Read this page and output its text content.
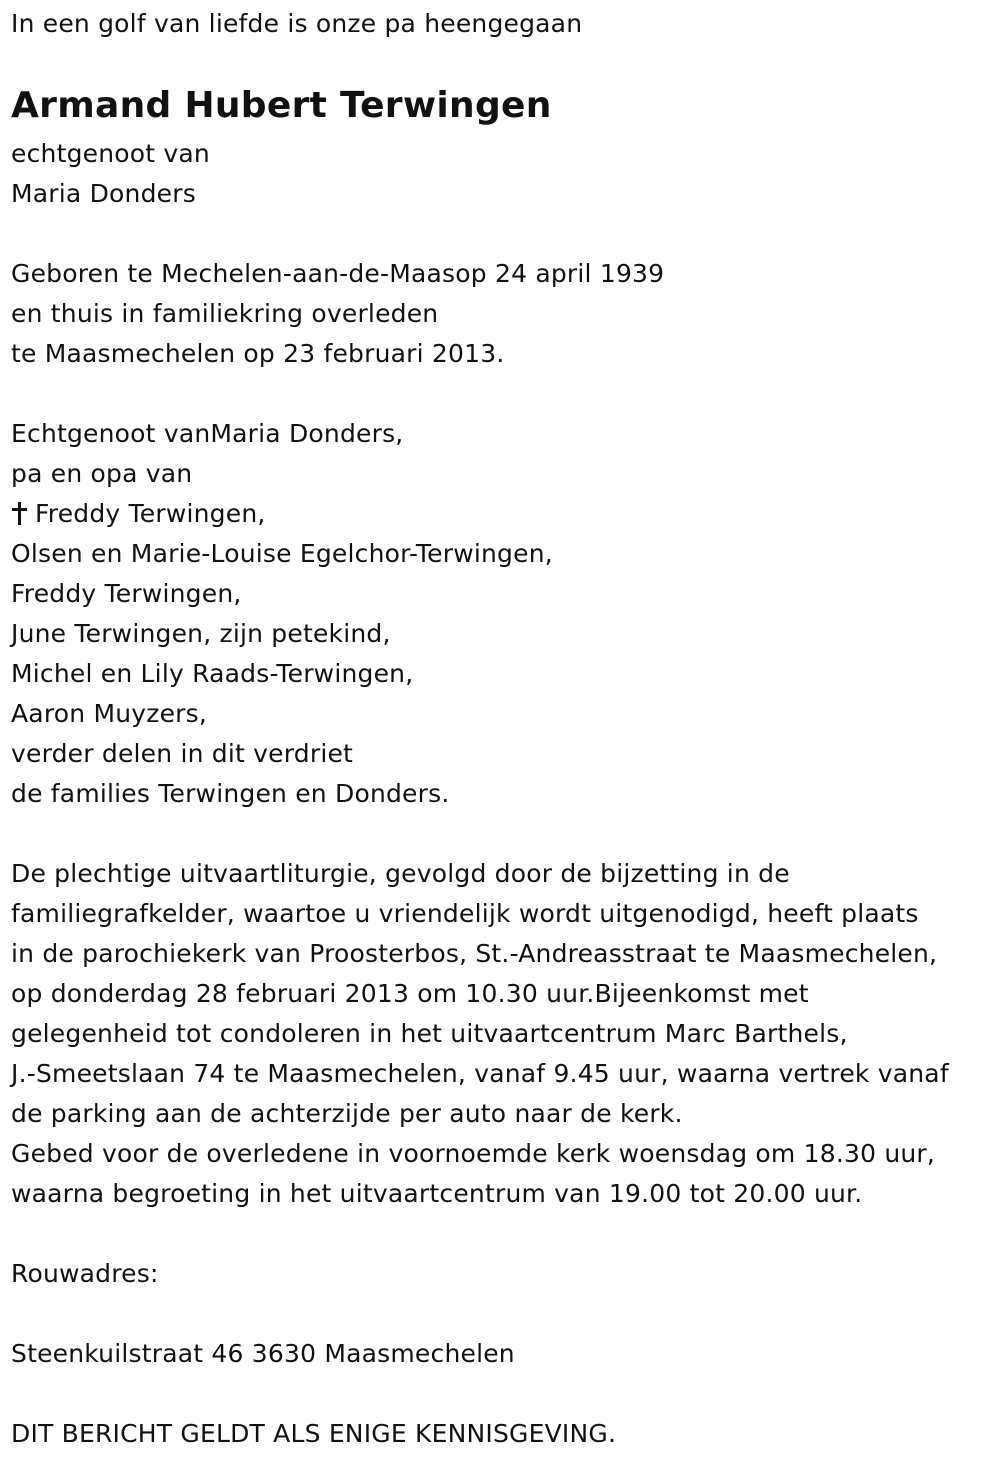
In een golf van liefde is onze pa heengegaan
Armand Hubert Terwingen
echtgenoot van
Maria Donders
Geboren te Mechelen-aan-de-Maasop 24 april 1939
en thuis in familiekring overleden
te Maasmechelen op 23 februari 2013.
Echtgenoot vanMaria Donders,
pa en opa van
Freddy Terwingen,
Olsen en Marie-Louise Egelchor-Terwingen,
Freddy Terwingen,
June Terwingen, zijn petekind,
Michel en Lily Raads-Terwingen,
Aaron Muyzers,
verder delen in dit verdriet
de families Terwingen en Donders.
De plechtige uitvaartliturgie, gevolgd door de bijzetting in de
familiegrafkelder, waartoe u vriendelijk wordt uitgenodigd, heeft plaats
in de parochiekerk van Proosterbos, St.-Andreasstraat te Maasmechelen,
op donderdag 28 februari 2013 om 10.30 uur.Bijeenkomst met
gelegenheid tot condoleren in het uitvaartcentrum Marc Barthels,
J.-Smeetslaan 74 te Maasmechelen, vanaf 9.45 uur, waarna vertrek vanaf
de parking aan de achterzijde per auto naar de kerk.
Gebed voor de overledene in voornoemde kerk woensdag om 18.30 uur,
waarna begroeting in het uitvaartcentrum van 19.00 tot 20.00 uur.
Rouwadres:
Steenkuilstraat 46 3630 Maasmechelen
DIT BERICHT GELDT ALS ENIGE KENNISGEVING.
